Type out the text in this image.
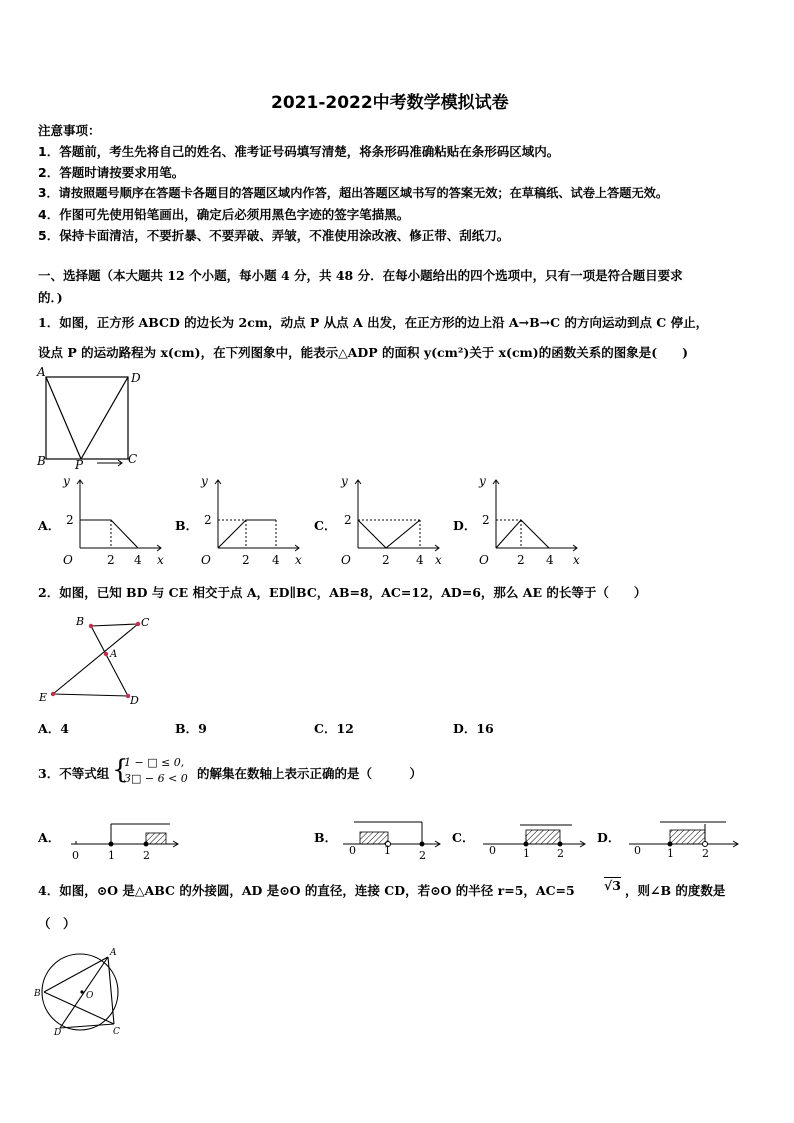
2021-2022中考数学模拟试卷
注意事项：
1．答题前，考生先将自己的姓名、准考证号码填写清楚，将条形码准确粘贴在条形码区域内。
2．答题时请按要求用笔。
3．请按照题号顺序在答题卡各题目的答题区域内作答，超出答题区域书写的答案无效；在草稿纸、试卷上答题无效。
4．作图可先使用铅笔画出，确定后必须用黑色字迹的签字笔描黑。
5．保持卡面清洁，不要折暴、不要弄破、弄皱，不准使用涂改液、修正带、刮纸刀。
一、选择题（本大题共 12 个小题，每小题 4 分，共 48 分．在每小题给出的四个选项中，只有一项是符合题目要求
的．)
1．如图，正方形 ABCD 的边长为 2cm，动点 P 从点 A 出发，在正方形的边上沿 A→B→C 的方向运动到点 C 停止，
设点 P 的运动路程为 x(cm)，在下列图象中，能表示△ADP 的面积 y(cm²)关于 x(cm)的函数关系的图象是(　　)
A	D
B P	C
A．	B．	C．	D．
y
2
O	2 4 x
y
2
O	2 4 x
y
2
O	2 4 x
y
2
O 2 4 x
2．如图，已知 BD 与 CE 相交于点 A，ED∥BC，AB=8，AC=12，AD=6，那么 AE 的长等于（　　）
B	C
A
E	D
A．4	B．9	C．12	D．16
3．不等式组 {
1 − □ ≤ 0,
3□ − 6 < 0 的解集在数轴上表示正确的是（　　　）
A．	B．	C．	D．
0	1	2	0	1	2	0 1 2	0 1	2
4．如图，⊙O 是△ABC 的外接圆，AD 是⊙O 的直径，连接 CD，若⊙O 的半径 r=5，AC=5 √3 ，则∠B 的度数是
（　）
A
B	O
D	C
